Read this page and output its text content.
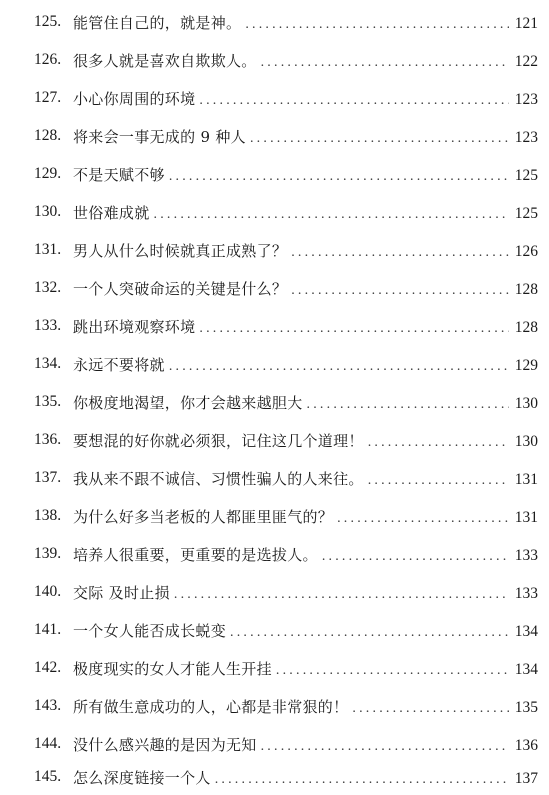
125. 能管住自己的，就是神。 .....	121
126. 很多人就是喜欢自欺欺人。 .....	122
127. 小心你周围的环境 .....	123
128. 将来会一事无成的 9 种人 .....	123
129. 不是天赋不够 .....	125
130. 世俗难成就 .....	125
131. 男人从什么时候就真正成熟了？ .....	126
132. 一个人突破命运的关键是什么？ .....	128
133. 跳出环境观察环境 .....	128
134. 永远不要将就 .....	129
135. 你极度地渴望，你才会越来越胆大 .....	130
136. 要想混的好你就必须狠，记住这几个道理！ .....	130
137. 我从来不跟不诚信、习惯性骗人的人来往。 .....	131
138. 为什么好多当老板的人都匪里匪气的？ .....	131
139. 培养人很重要，更重要的是选拔人。 .....	133
140. 交际 及时止损 .....	133
141. 一个女人能否成长蜕变 .....	134
142. 极度现实的女人才能人生开挂 .....	134
143. 所有做生意成功的人，心都是非常狠的！ .....	135
144. 没什么感兴趣的是因为无知 .....	136
145. 怎么深度链接一个人 .....	137
